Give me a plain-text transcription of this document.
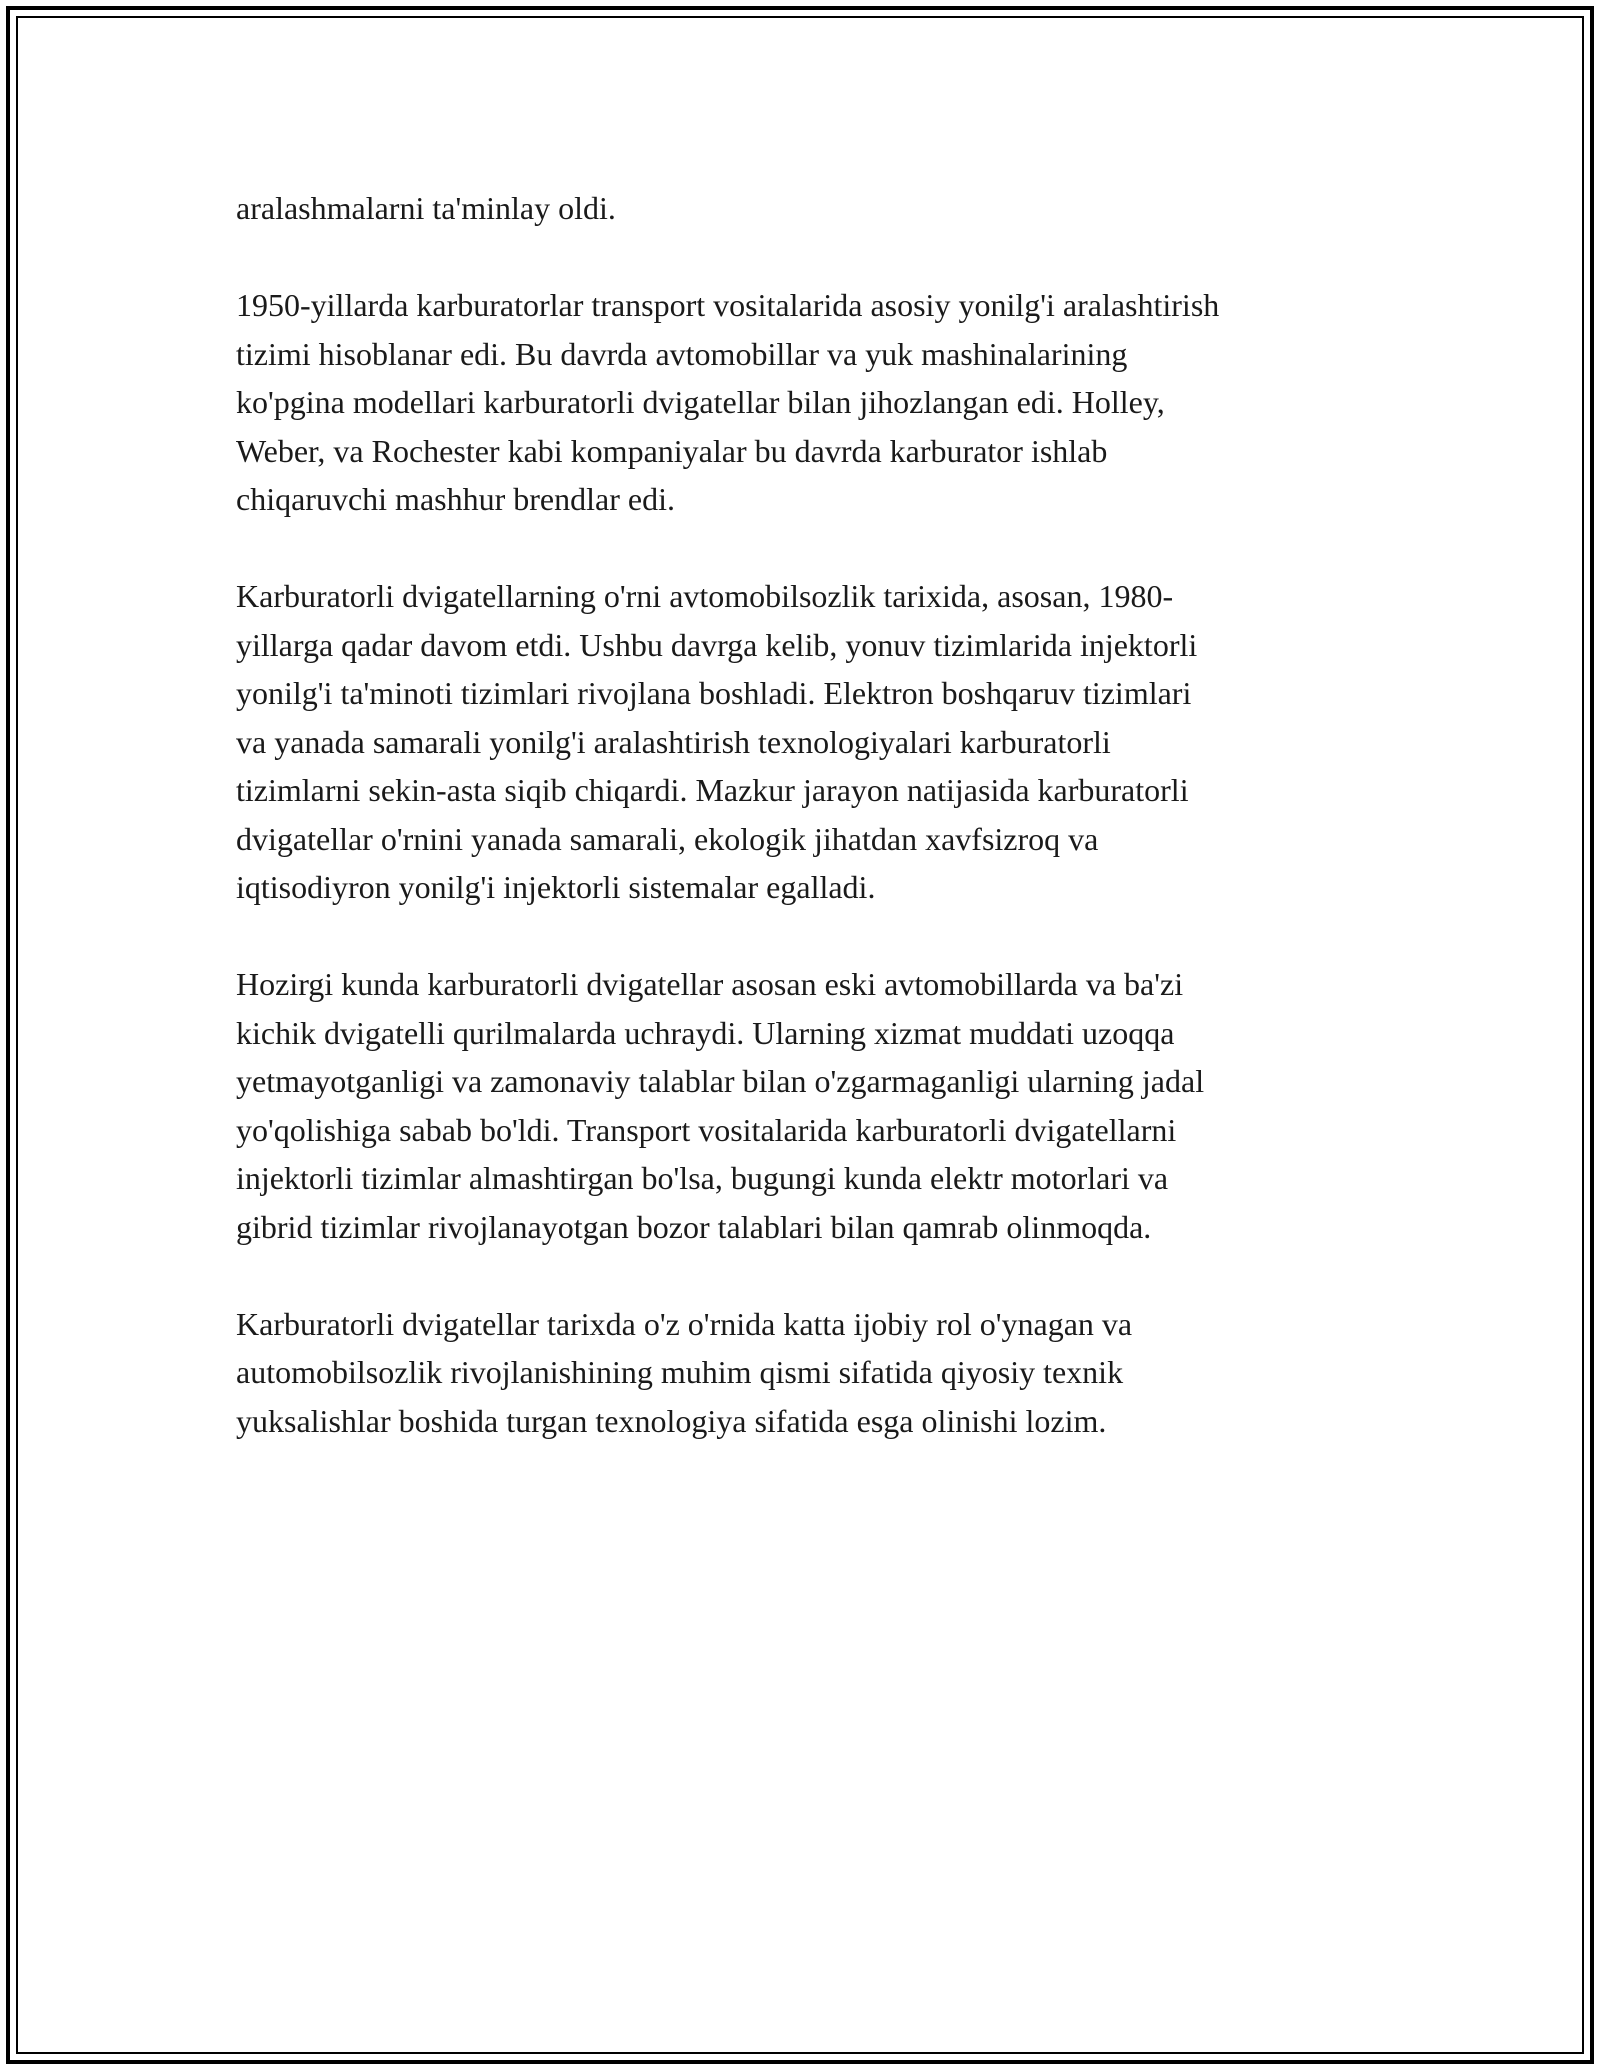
aralashmalarni ta'minlay oldi.

1950-yillarda karburatorlar transport vositalarida asosiy yonilg'i aralashtirish
tizimi hisoblanar edi. Bu davrda avtomobillar va yuk mashinalarining
ko'pgina modellari karburatorli dvigatellar bilan jihozlangan edi. Holley,
Weber, va Rochester kabi kompaniyalar bu davrda karburator ishlab
chiqaruvchi mashhur brendlar edi.

Karburatorli dvigatellarning o'rni avtomobilsozlik tarixida, asosan, 1980-
yillarga qadar davom etdi. Ushbu davrga kelib, yonuv tizimlarida injektorli
yonilg'i ta'minoti tizimlari rivojlana boshladi. Elektron boshqaruv tizimlari
va yanada samarali yonilg'i aralashtirish texnologiyalari karburatorli
tizimlarni sekin-asta siqib chiqardi. Mazkur jarayon natijasida karburatorli
dvigatellar o'rnini yanada samarali, ekologik jihatdan xavfsizroq va
iqtisodiyron yonilg'i injektorli sistemalar egalladi.

Hozirgi kunda karburatorli dvigatellar asosan eski avtomobillarda va ba'zi
kichik dvigatelli qurilmalarda uchraydi. Ularning xizmat muddati uzoqqa
yetmayotganligi va zamonaviy talablar bilan o'zgarmaganligi ularning jadal
yo'qolishiga sabab bo'ldi. Transport vositalarida karburatorli dvigatellarni
injektorli tizimlar almashtirgan bo'lsa, bugungi kunda elektr motorlari va
gibrid tizimlar rivojlanayotgan bozor talablari bilan qamrab olinmoqda.

Karburatorli dvigatellar tarixda o'z o'rnida katta ijobiy rol o'ynagan va
automobilsozlik rivojlanishining muhim qismi sifatida qiyosiy texnik
yuksalishlar boshida turgan texnologiya sifatida esga olinishi lozim.
